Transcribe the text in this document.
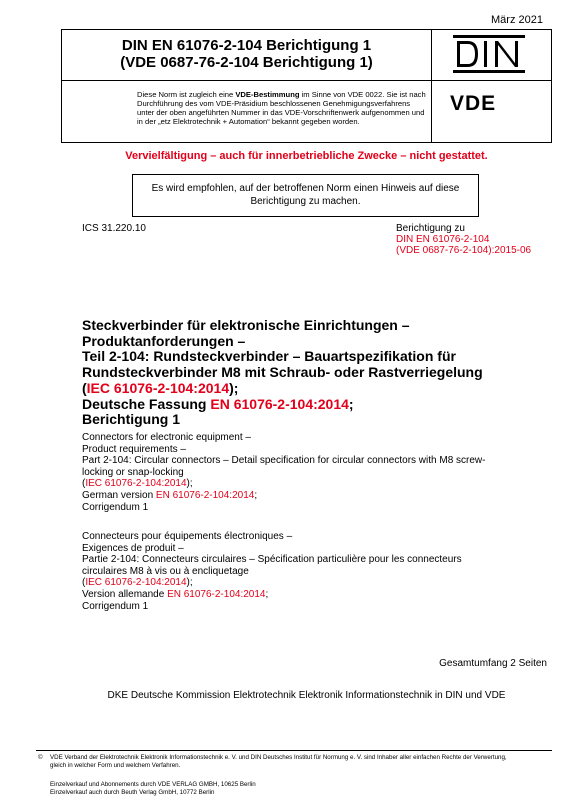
März 2021
DIN EN 61076-2-104 Berichtigung 1
(VDE 0687-76-2-104 Berichtigung 1)
Diese Norm ist zugleich eine VDE-Bestimmung im Sinne von VDE 0022. Sie ist nach Durchführung des vom VDE-Präsidium beschlossenen Genehmigungsverfahrens unter der oben angeführten Nummer in das VDE-Vorschriftenwerk aufgenommen und in der „etz Elektrotechnik + Automation“ bekannt gegeben worden.
VDE
Vervielfältigung – auch für innerbetriebliche Zwecke – nicht gestattet.
Es wird empfohlen, auf der betroffenen Norm einen Hinweis auf diese Berichtigung zu machen.
ICS 31.220.10	Berichtigung zu
DIN EN 61076-2-104
(VDE 0687-76-2-104):2015-06
Steckverbinder für elektronische Einrichtungen –
Produktanforderungen –
Teil 2-104: Rundsteckverbinder – Bauartspezifikation für
Rundsteckverbinder M8 mit Schraub- oder Rastverriegelung
(IEC 61076-2-104:2014);
Deutsche Fassung EN 61076-2-104:2014;
Berichtigung 1
Connectors for electronic equipment –
Product requirements –
Part 2-104: Circular connectors – Detail specification for circular connectors with M8 screw-
locking or snap-locking
(IEC 61076-2-104:2014);
German version EN 61076-2-104:2014;
Corrigendum 1
Connecteurs pour équipements électroniques –
Exigences de produit –
Partie 2-104: Connecteurs circulaires – Spécification particulière pour les connecteurs
circulaires M8 à vis ou à encliquetage
(IEC 61076-2-104:2014);
Version allemande EN 61076-2-104:2014;
Corrigendum 1
Gesamtumfang 2 Seiten
DKE Deutsche Kommission Elektrotechnik Elektronik Informationstechnik in DIN und VDE
© VDE Verband der Elektrotechnik Elektronik Informationstechnik e. V. und DIN Deutsches Institut für Normung e. V. sind Inhaber aller einfachen Rechte der Verwertung, gleich in welcher Form und welchem Verfahren.
Einzelverkauf und Abonnements durch VDE VERLAG GMBH, 10625 Berlin
Einzelverkauf auch durch Beuth Verlag GmbH, 10772 Berlin
